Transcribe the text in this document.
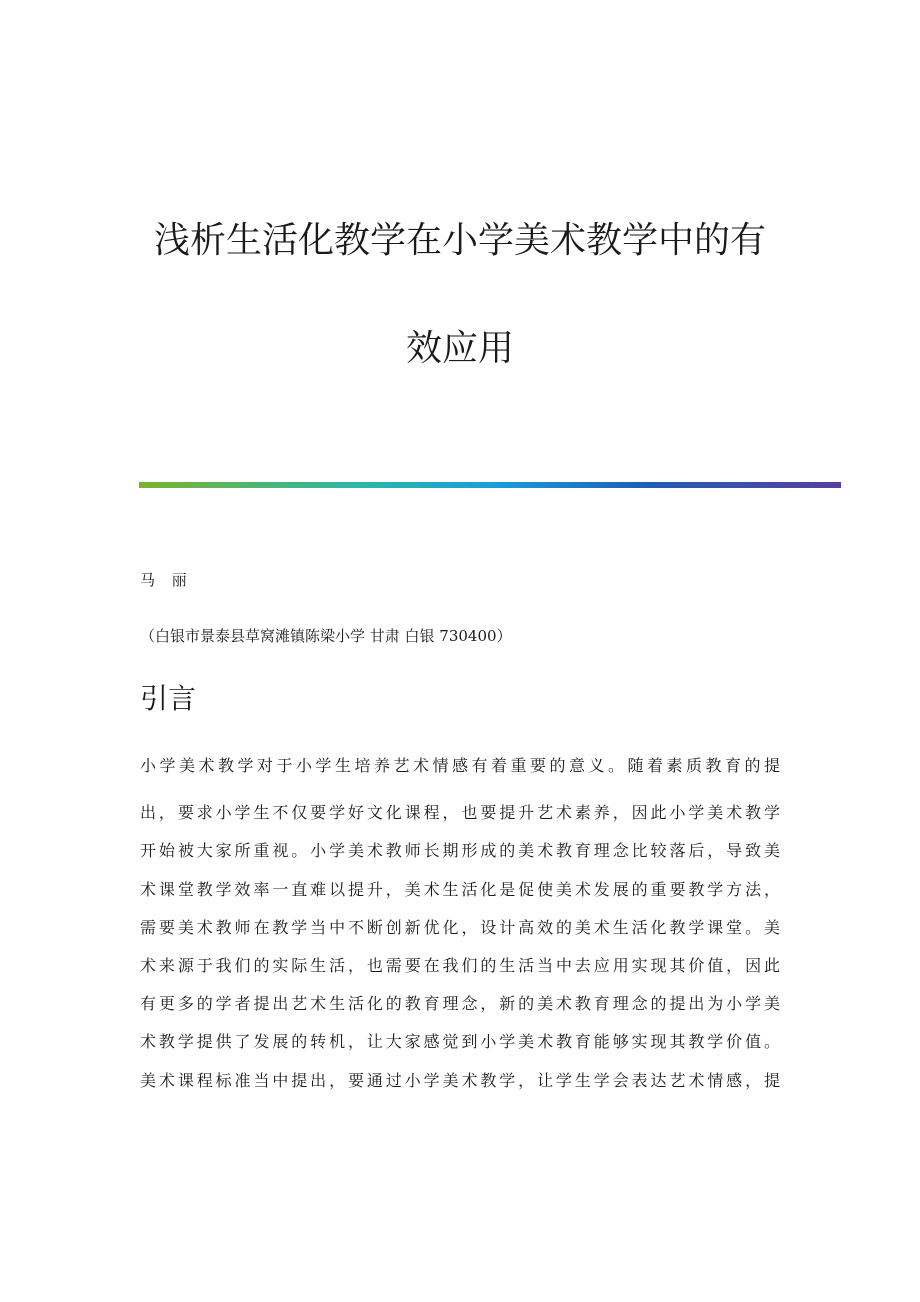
浅析生活化教学在小学美术教学中的有
效应用
马 丽
（白银市景泰县草窝滩镇陈梁小学 甘肃 白银 730400）
引言
小学美术教学对于小学生培养艺术情感有着重要的意义。随着素质教育的提
出，要求小学生不仅要学好文化课程，也要提升艺术素养，因此小学美术教学
开始被大家所重视。小学美术教师长期形成的美术教育理念比较落后，导致美
术课堂教学效率一直难以提升，美术生活化是促使美术发展的重要教学方法，
需要美术教师在教学当中不断创新优化，设计高效的美术生活化教学课堂。美
术来源于我们的实际生活，也需要在我们的生活当中去应用实现其价值，因此
有更多的学者提出艺术生活化的教育理念，新的美术教育理念的提出为小学美
术教学提供了发展的转机，让大家感觉到小学美术教育能够实现其教学价值。
美术课程标准当中提出，要通过小学美术教学，让学生学会表达艺术情感，提
